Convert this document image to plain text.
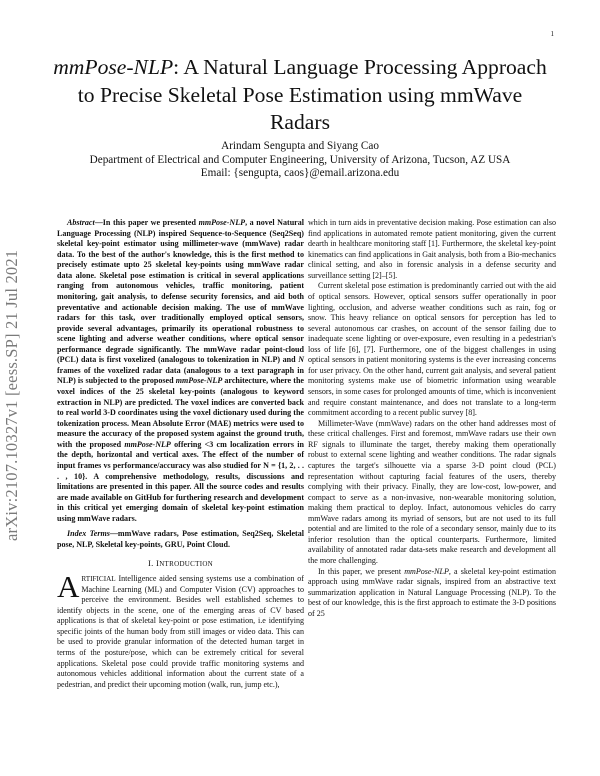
1
arXiv:2107.10327v1 [eess.SP] 21 Jul 2021
mmPose-NLP: A Natural Language Processing Approach to Precise Skeletal Pose Estimation using mmWave Radars
Arindam Sengupta and Siyang Cao
Department of Electrical and Computer Engineering, University of Arizona, Tucson, AZ USA
Email: {sengupta, caos}@email.arizona.edu

Abstract—In this paper we presented mmPose-NLP, a novel Natural Language Processing (NLP) inspired Sequence-to-Sequence (Seq2Seq) skeletal key-point estimator using millimeter-wave (mmWave) radar data. To the best of the author's knowledge, this is the first method to precisely estimate upto 25 skeletal key-points using mmWave radar data alone. Skeletal pose estimation is critical in several applications ranging from autonomous vehicles, traffic monitoring, patient monitoring, gait analysis, to defense security forensics, and aid both preventative and actionable decision making. The use of mmWave radars for this task, over traditionally employed optical sensors, provide several advantages, primarily its operational robustness to scene lighting and adverse weather conditions, where optical sensor performance degrade significantly. The mmWave radar point-cloud (PCL) data is first voxelized (analogous to tokenization in NLP) and N frames of the voxelized radar data (analogous to a text paragraph in NLP) is subjected to the proposed mmPose-NLP architecture, where the voxel indices of the 25 skeletal key-points (analogous to keyword extraction in NLP) are predicted. The voxel indices are converted back to real world 3-D coordinates using the voxel dictionary used during the tokenization process. Mean Absolute Error (MAE) metrics were used to measure the accuracy of the proposed system against the ground truth, with the proposed mmPose-NLP offering <3 cm localization errors in the depth, horizontal and vertical axes. The effect of the number of input frames vs performance/accuracy was also studied for N = {1, 2, . . . , 10}. A comprehensive methodology, results, discussions and limitations are presented in this paper. All the source codes and results are made available on GitHub for furthering research and development in this critical yet emerging domain of skeletal key-point estimation using mmWave radars.

Index Terms—mmWave radars, Pose estimation, Seq2Seq, Skeletal pose, NLP, Skeletal key-points, GRU, Point Cloud.

I. INTRODUCTION

ARTIFICIAL Intelligence aided sensing systems use a combination of Machine Learning (ML) and Computer Vision (CV) approaches to perceive the environment. Besides well established schemes to identify objects in the scene, one of the emerging areas of CV based applications is that of skeletal key-point or pose estimation, i.e identifying specific joints of the human body from still images or video data. This can be used to provide granular information of the detected human target in terms of the posture/pose, which can be extremely critical for several applications. Skeletal pose could provide traffic monitoring systems and autonomous vehicles additional information about the current state of a pedestrian, and predict their upcoming motion (walk, run, jump etc.),

which in turn aids in preventative decision making. Pose estimation can also find applications in automated remote patient monitoring, given the current dearth in healthcare monitoring staff [1]. Furthermore, the skeletal key-point kinematics can find applications in Gait analysis, both from a Bio-mechanics clinical setting, and also in forensic analysis in a defense security and surveillance setting [2]–[5].

Current skeletal pose estimation is predominantly carried out with the aid of optical sensors. However, optical sensors suffer operationally in poor lighting, occlusion, and adverse weather conditions such as rain, fog or snow. This heavy reliance on optical sensors for perception has led to several autonomous car crashes, on account of the sensor failing due to inadequate scene lighting or over-exposure, even resulting in a pedestrian's loss of life [6], [7]. Furthermore, one of the biggest challenges in using optical sensors in patient monitoring systems is the ever increasing concerns for user privacy. On the other hand, current gait analysis, and several patient monitoring systems make use of biometric information using wearable sensors, in some cases for prolonged amounts of time, which is inconvenient and require constant maintenance, and does not translate to a long-term commitment according to a recent public survey [8].

Millimeter-Wave (mmWave) radars on the other hand addresses most of these critical challenges. First and foremost, mmWave radars use their own RF signals to illuminate the target, thereby making them operationally robust to external scene lighting and weather conditions. The radar signals captures the target's silhouette via a sparse 3-D point cloud (PCL) representation without capturing facial features of the users, thereby complying with their privacy. Finally, they are low-cost, low-power, and compact to serve as a non-invasive, non-wearable monitoring solution, making them practical to deploy. Infact, autonomous vehicles do carry mmWave radars among its myriad of sensors, but are not used to its full potential and are limited to the role of a secondary sensor, mainly due to its inferior resolution than the optical counterparts. Furthermore, limited availability of annotated radar data-sets make research and development all the more challenging.

In this paper, we present mmPose-NLP, a skeletal key-point estimation approach using mmWave radar signals, inspired from an abstractive text summarization application in Natural Language Processing (NLP). To the best of our knowledge, this is the first approach to estimate the 3-D positions of 25
